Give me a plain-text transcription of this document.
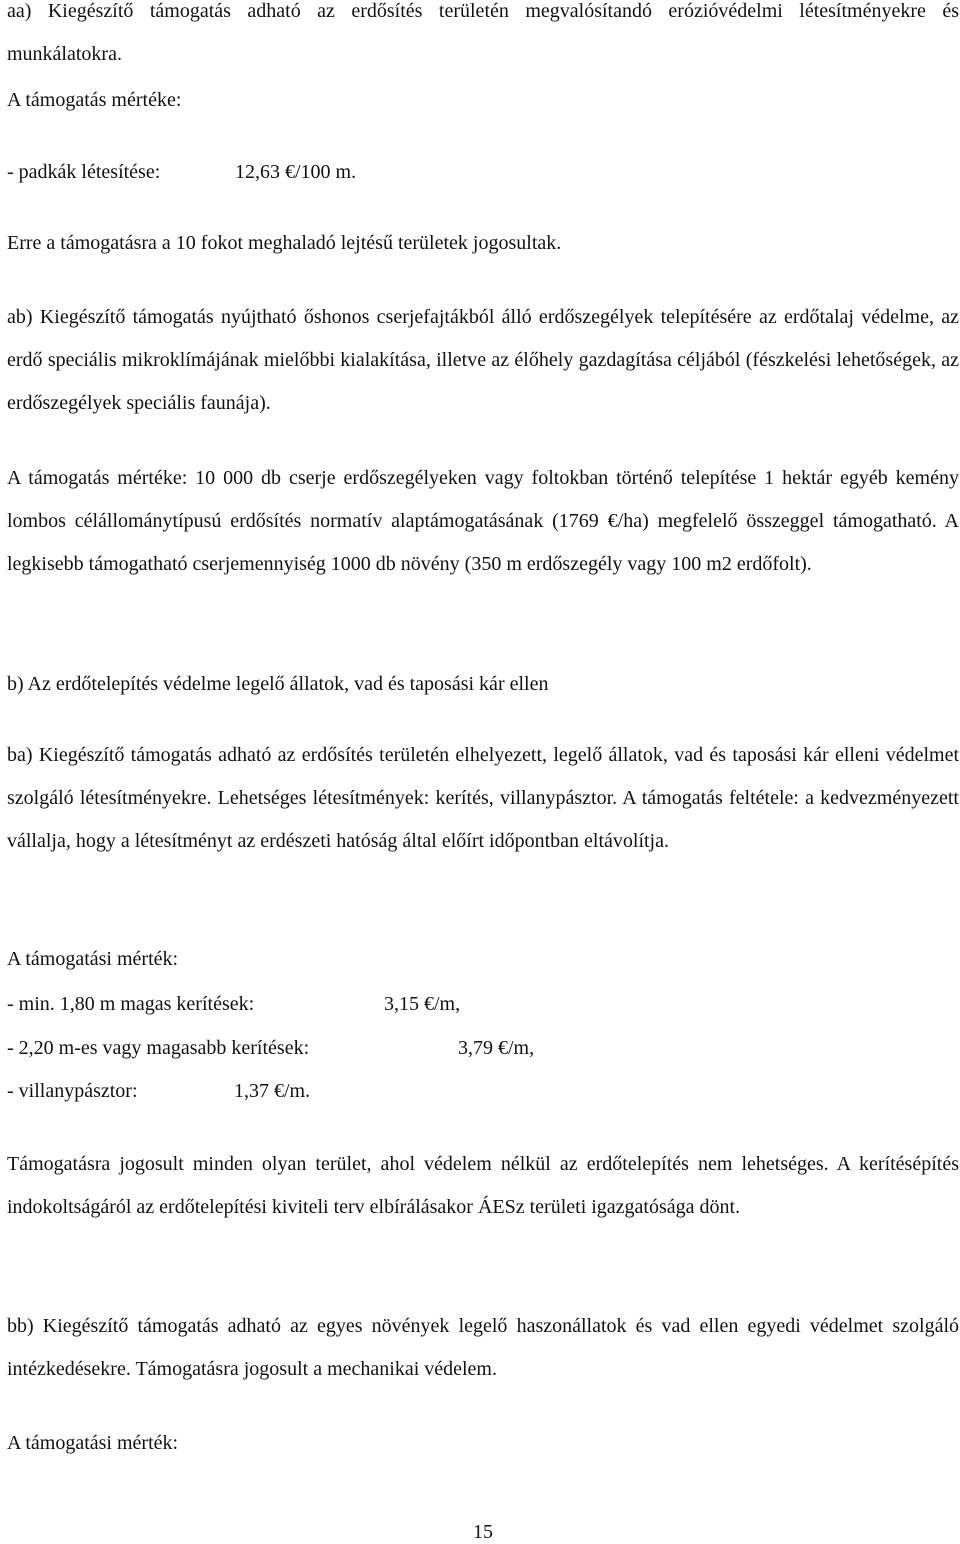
aa) Kiegészítő támogatás adható az erdősítés területén megvalósítandó erózióvédelmi létesítményekre és munkálatokra.

A támogatás mértéke:
- padkák létesítése:	12,63 €/100 m.
Erre a támogatásra a 10 fokot meghaladó lejtésű területek jogosultak.

ab) Kiegészítő támogatás nyújtható őshonos cserjefajtákból álló erdőszegélyek telepítésére az erdőtalaj védelme, az erdő speciális mikroklímájának mielőbbi kialakítása, illetve az élőhely gazdagítása céljából (fészkelési lehetőségek, az erdőszegélyek speciális faunája).

A támogatás mértéke: 10 000 db cserje erdőszegélyeken vagy foltokban történő telepítése 1 hektár egyéb kemény lombos célállománytípusú erdősítés normatív alaptámogatásának (1769 €/ha) megfelelő összeggel támogatható. A legkisebb támogatható cserjemennyiség 1000 db növény (350 m erdőszegély vagy 100 m2 erdőfolt).

b) Az erdőtelepítés védelme legelő állatok, vad és taposási kár ellen

ba) Kiegészítő támogatás adható az erdősítés területén elhelyezett, legelő állatok, vad és taposási kár elleni védelmet szolgáló létesítményekre. Lehetséges létesítmények: kerítés, villanypásztor. A támogatás feltétele: a kedvezményezett vállalja, hogy a létesítményt az erdészeti hatóság által előírt időpontban eltávolítja.

A támogatási mérték:
- min. 1,80 m magas kerítések:	3,15 €/m,
- 2,20 m-es vagy magasabb kerítések:	3,79 €/m,
- villanypásztor:	1,37 €/m.

Támogatásra jogosult minden olyan terület, ahol védelem nélkül az erdőtelepítés nem lehetséges. A kerítésépítés indokoltságáról az erdőtelepítési kiviteli terv elbírálásakor ÁESz területi igazgatósága dönt.

bb) Kiegészítő támogatás adható az egyes növények legelő haszonállatok és vad ellen egyedi védelmet szolgáló intézkedésekre. Támogatásra jogosult a mechanikai védelem.

A támogatási mérték:
15
